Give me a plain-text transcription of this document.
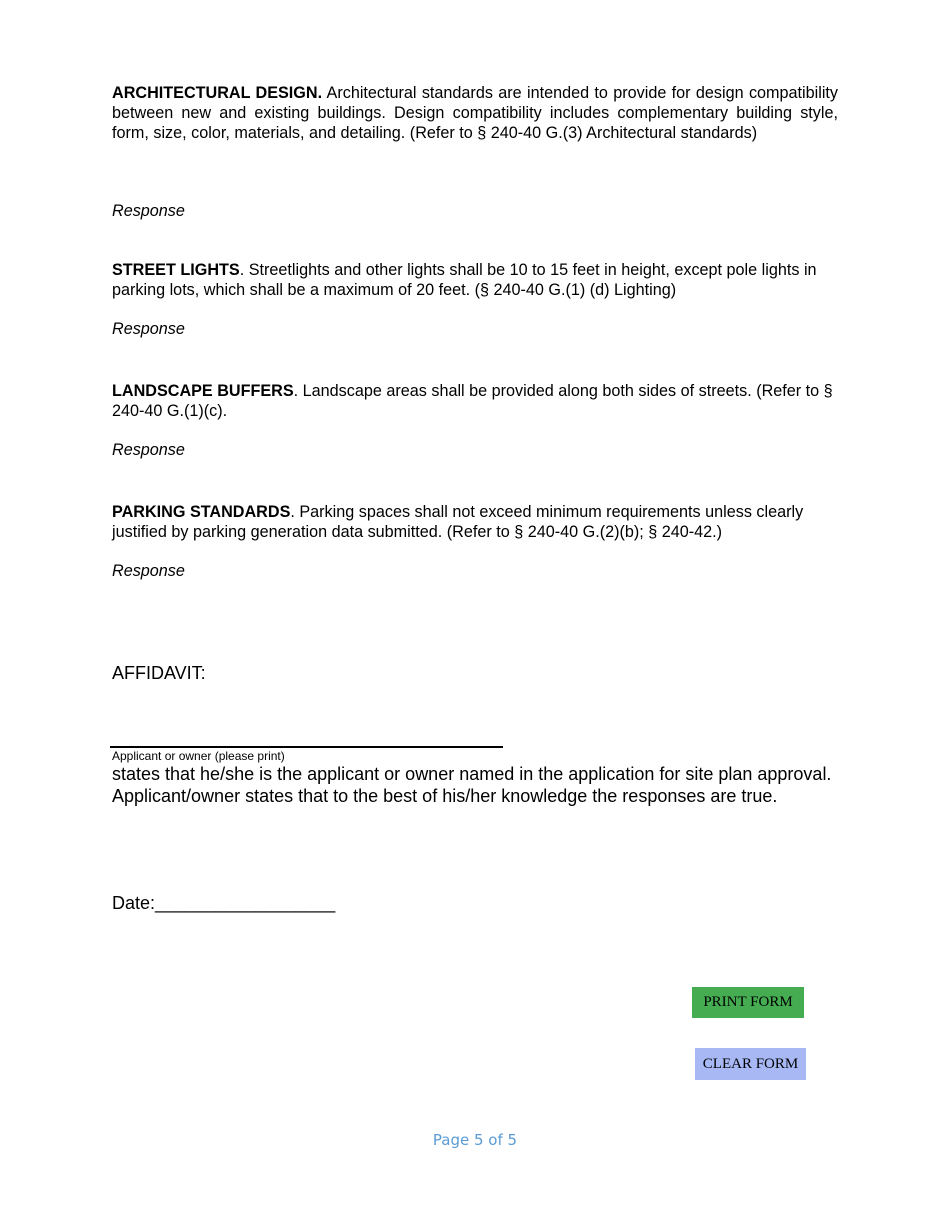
ARCHITECTURAL DESIGN. Architectural standards are intended to provide for design compatibility between new and existing buildings. Design compatibility includes complementary building style, form, size, color, materials, and detailing. (Refer to § 240-40 G.(3) Architectural standards)

Response

STREET LIGHTS. Streetlights and other lights shall be 10 to 15 feet in height, except pole lights in parking lots, which shall be a maximum of 20 feet. (§ 240-40 G.(1) (d) Lighting)

Response

LANDSCAPE BUFFERS. Landscape areas shall be provided along both sides of streets. (Refer to § 240-40 G.(1)(c).

Response

PARKING STANDARDS. Parking spaces shall not exceed minimum requirements unless clearly justified by parking generation data submitted. (Refer to § 240-40 G.(2)(b); § 240-42.)

Response
AFFIDAVIT:
Applicant or owner (please print)
states that he/she is the applicant or owner named in the application for site plan approval. Applicant/owner states that to the best of his/her knowledge the responses are true.
Date:__________________
PRINT FORM
CLEAR FORM
Page 5 of 5
